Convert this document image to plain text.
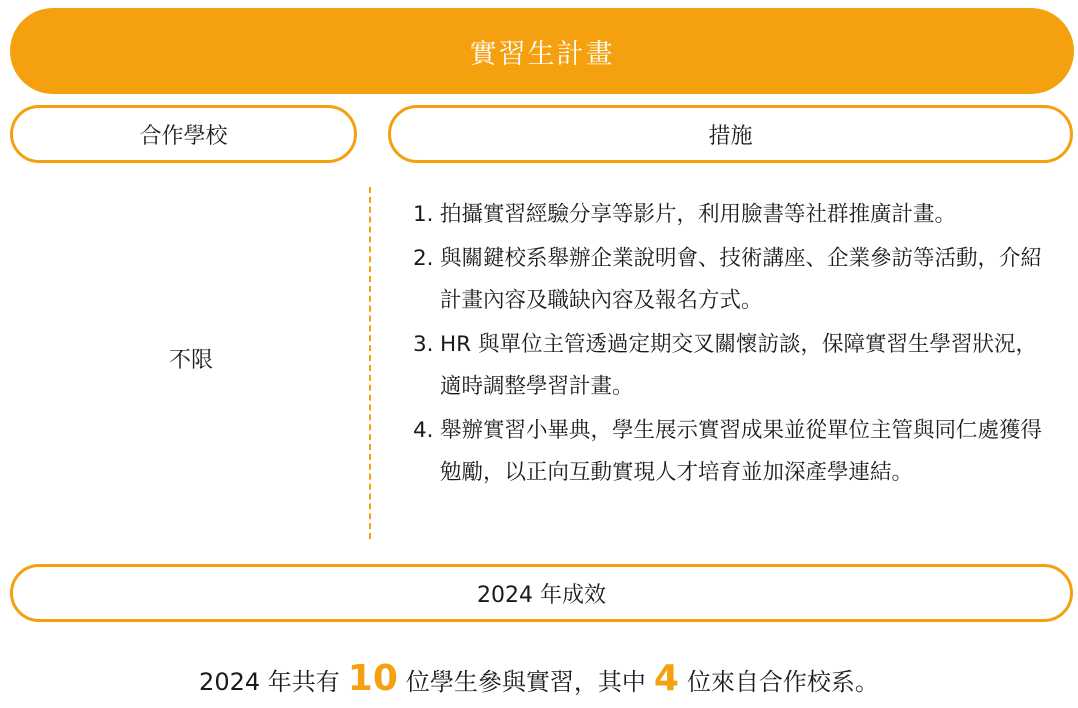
實習生計畫
合作學校	措施
不限
1. 拍攝實習經驗分享等影片，利用臉書等社群推廣計畫。
2. 與關鍵校系舉辦企業說明會、技術講座、企業參訪等活動，介紹計畫內容及職缺內容及報名方式。
3. HR 與單位主管透過定期交叉關懷訪談，保障實習生學習狀況，適時調整學習計畫。
4. 舉辦實習小畢典，學生展示實習成果並從單位主管與同仁處獲得勉勵，以正向互動實現人才培育並加深產學連結。
2024 年成效
2024 年共有 10 位學生參與實習，其中 4 位來自合作校系。
